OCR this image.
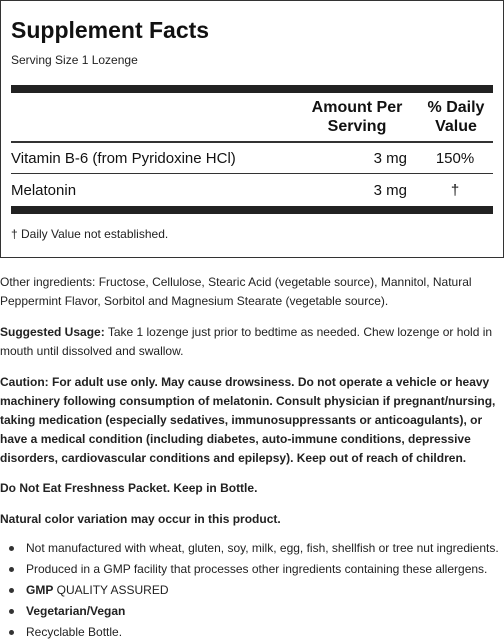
Supplement Facts
Serving Size 1 Lozenge
Amount Per
Serving
% Daily
Value
Vitamin B-6 (from Pyridoxine HCl)	3 mg	150%
Melatonin	3 mg	†
† Daily Value not established.
Other ingredients: Fructose, Cellulose, Stearic Acid (vegetable source), Mannitol, Natural Peppermint Flavor, Sorbitol and Magnesium Stearate (vegetable source).
Suggested Usage: Take 1 lozenge just prior to bedtime as needed. Chew lozenge or hold in mouth until dissolved and swallow.
Caution: For adult use only. May cause drowsiness. Do not operate a vehicle or heavy machinery following consumption of melatonin. Consult physician if pregnant/nursing, taking medication (especially sedatives, immunosuppressants or anticoagulants), or have a medical condition (including diabetes, auto-immune conditions, depressive disorders, cardiovascular conditions and epilepsy). Keep out of reach of children.
Do Not Eat Freshness Packet. Keep in Bottle.
Natural color variation may occur in this product.
Not manufactured with wheat, gluten, soy, milk, egg, fish, shellfish or tree nut ingredients.
Produced in a GMP facility that processes other ingredients containing these allergens.
GMP QUALITY ASSURED
Vegetarian/Vegan
Recyclable Bottle.
